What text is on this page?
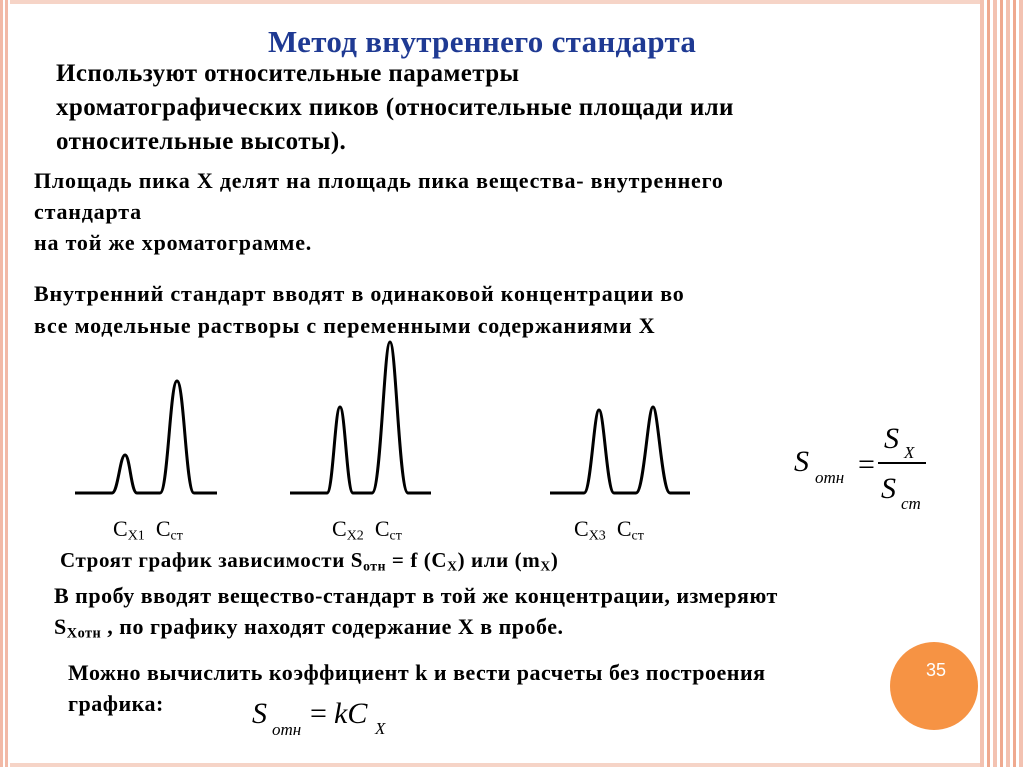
Метод внутреннего стандарта
Используют относительные параметры
хроматографических пиков (относительные площади или
относительные высоты).
Площадь пика X делят на площадь пика вещества- внутреннего
стандарта
на той же хроматограмме.
Внутренний стандарт вводят в одинаковой концентрации во
все модельные растворы с переменными содержаниями X
$C_{X1}$ $C_{ст}$	$C_{X2}$ $C_{ст}$	$C_{X3}$ $C_{ст}$
S отн =
S X
S ст
Строят график зависимости $S_{отн} = f$ $(C_X)$ или $(m_X)$
В пробу вводят вещество-стандарт в той же концентрации, измеряют
$S_{Xотн}$ , по графику находят содержание X в пробе.
Можно вычислить коэффициент k и вести расчеты без построения
графика:
35
S отн = kC X
